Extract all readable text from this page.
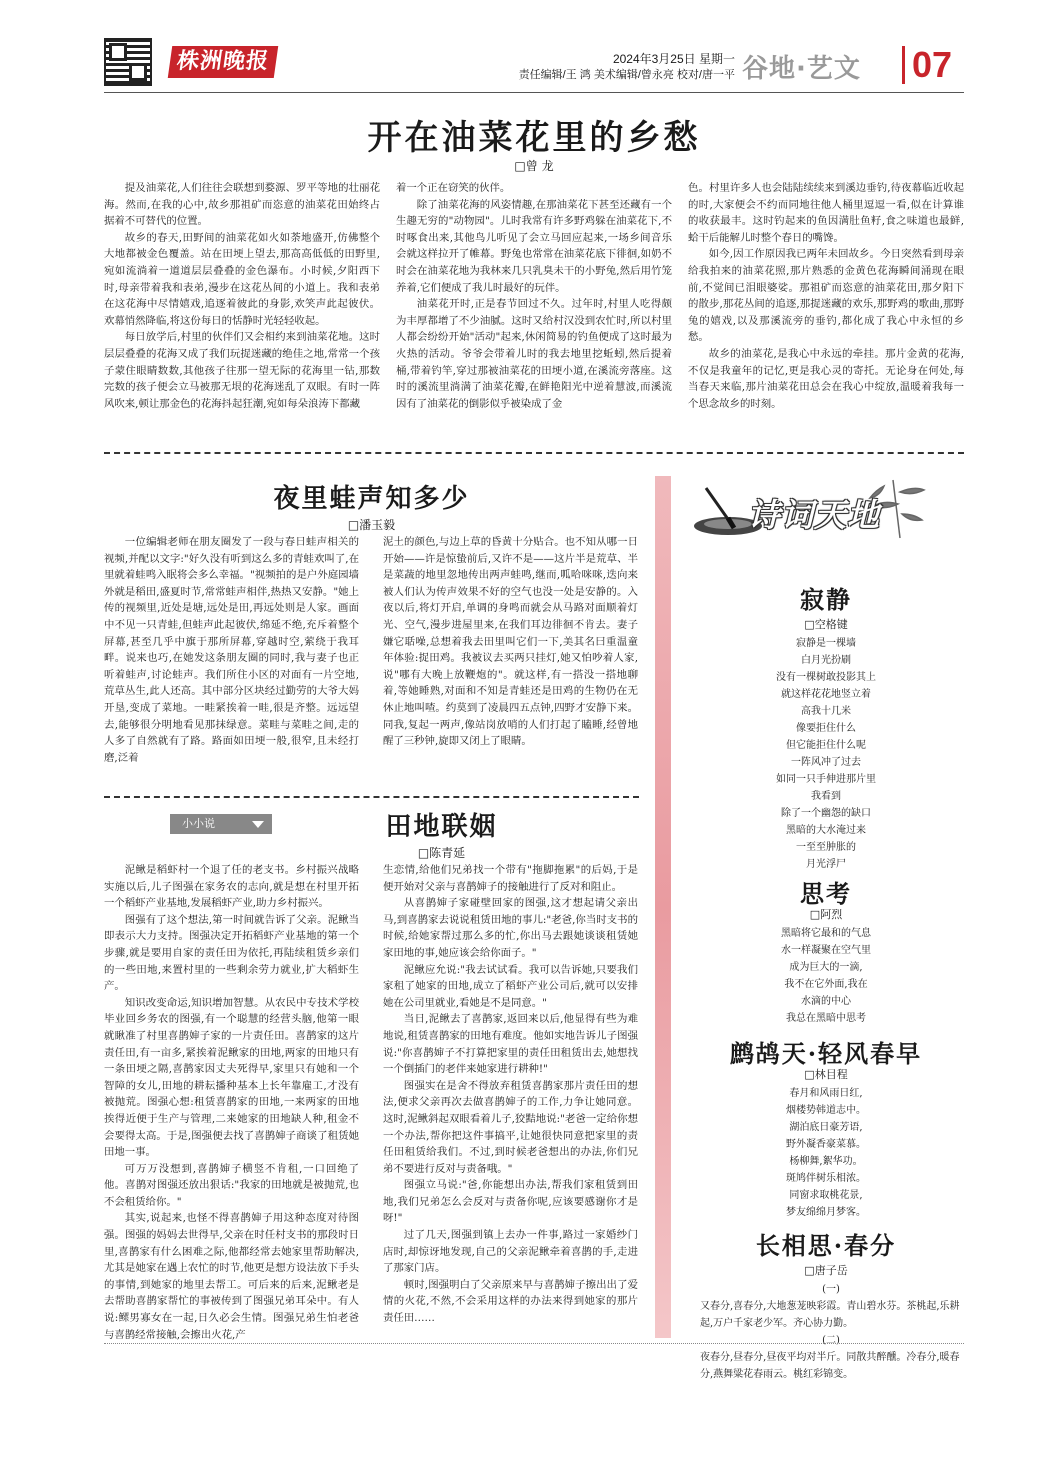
株洲晚报	2024年3月25日 星期一
责任编辑/王 鸿 美术编辑/曾永亮 校对/唐一平 谷地·艺文 07
开在油菜花里的乡愁
□曾 龙

提及油菜花,人们往往会联想到婺源、罗平等地的壮丽花海。然而,在我的心中,故乡那祖矿而恣意的油菜花田始终占据着不可替代的位置。

故乡的春天,田野间的油菜花如火如荼地盛开,仿佛整个大地都被金色覆盖。站在田埂上望去,那高高低低的田野里,宛如流淌着一道道层层叠叠的金色瀑布。小时候,夕阳西下时,母亲带着我和表弟,漫步在这花丛间的小道上。我和表弟在这花海中尽情嬉戏,追逐着彼此的身影,欢笑声此起彼伏。欢幕悄然降临,将这份每日的恬静时光轻轻收起。

每日放学后,村里的伙伴们又会相约来到油菜花地。这时层层叠叠的花海又成了我们玩捉迷藏的绝佳之地,常常一个孩子蒙住眼睛数数,其他孩子往那一望无际的花海里一钻,那数完数的孩子便会立马被那无垠的花海迷乱了双眼。有时一阵风吹来,顿让那金色的花海抖起狂潮,宛如每朵浪涛下都藏

着一个正在窃笑的伙伴。

除了油菜花海的风姿情趣,在那油菜花下甚至还藏有一个生趣无穷的"动物园"。儿时我常有许多野鸡躲在油菜花下,不时啄食出来,其他鸟儿听见了会立马回应起来,一场乡间音乐会就这样拉开了帷幕。野兔也常常在油菜花底下徘徊,如奶不时会在油菜花地为我林来几只乳臭未干的小野兔,然后用竹笼养着,它们便成了我儿时最好的玩伴。

油菜花开时,正是春节回过不久。过年时,村里人吃得颇为丰厚都增了不少油腻。这时又给村汉没到农忙时,所以村里人都会纷纷开始"活动"起来,休闲简易的钓鱼便成了这时最为火热的活动。爷爷会带着儿时的我去地里挖蚯蚓,然后提着桶,带着钓竿,穿过那被油菜花的田埂小道,在溪流旁落座。这时的溪流里淌满了油菜花瓣,在鲜艳阳光中逆着慧波,而溪流因有了油菜花的倒影似乎被染成了金

色。村里许多人也会陆陆续续来到溪边垂钓,待夜幕临近收起的时,大家便会不约而同地往他人桶里逗逗一看,似在计算谁的收获最丰。这时钓起来的鱼因满肚鱼籽,食之味道也最鲜,蛤干后能解儿时整个春日的嘴馋。

如今,因工作原因我已两年未回故乡。今日突然看到母亲给我拍来的油菜花照,那片熟悉的金黄色花海瞬间涌现在眼前,不觉间已泪眼婆娑。那祖矿而恣意的油菜花田,那夕阳下的散步,那花丛间的追逐,那捉迷藏的欢乐,那野鸡的歌曲,那野兔的嬉戏,以及那溪流旁的垂钓,都化成了我心中永恒的乡愁。

故乡的油菜花,是我心中永远的牵挂。那片金黄的花海,不仅是我童年的记忆,更是我心灵的寄托。无论身在何处,每当春天来临,那片油菜花田总会在我心中绽放,温暖着我每一个思念故乡的时刻。

夜里蛙声知多少
□潘玉毅

一位编辑老师在朋友圈发了一段与春日蛙声相关的视频,并配以文字:"好久没有听到这么多的青蛙欢叫了,在里就着蛙鸣入眠将会多么幸福。"视频拍的是户外庭园墙外就是稻田,盛夏时节,常常蛙声相伴,热热又安静。"她上传的视频里,近处是塘,远处是田,再远处则是人家。画面中不见一只青蛙,但蛙声此起彼伏,绵延不绝,充斥着整个屏幕,甚至几乎中旗于那所屏幕,穿越时空,萦绕于我耳畔。说来也巧,在她发这条朋友圈的同时,我与妻子也正听着蛙声,讨论蛙声。我们所住小区的对面有一片空地,荒草丛生,此人还高。其中部分区块经过勤劳的大爷大妈开垦,变成了菜地。一畦紧挨着一畦,很是齐整。远远望去,能够很分明地看见那抹绿意。菜畦与菜畦之间,走的人多了自然就有了路。路面如田埂一般,很窄,且未经打磨,泛着

泥土的颜色,与边上草的昏黄十分贴合。也不知从哪一日开始——许是惊蛰前后,又许不是——这片半是荒草、半是菜蔬的地里忽地传出两声蛙鸣,继而,呱哈咪咪,迭向来被人们认为传声效果不好的空气也没一处是安静的。入夜以后,将灯开启,单调的身鸣而就会从马路对面顺着灯光、空气,漫步进屋里来,在我们耳边徘徊不肯去。妻子嫌它聒噪,总想着我去田里叫它们一下,美其名曰重温童年体验:捉田鸡。我被议去买两只挂灯,她又怕吵着人家,说"哪有大晚上放鞭炮的"。就这样,有一搭没一搭地聊着,等她睡熟,对面和不知是青蛙还是田鸡的生物仍在无休止地叫喳。约莫到了凌晨四五点钟,四野才安静下来。同我,复起一两声,像站岗放哨的人们打起了瞌睡,经曾地醒了三秒钟,旋即又闭上了眼睛。

小小说	田地联姻
□陈青延

泥鳅是稻虾村一个退了任的老支书。乡村振兴战略实施以后,儿子图强在家务农的志向,就是想在村里开拓一个稻虾产业基地,发展稻虾产业,助力乡村振兴。

图强有了这个想法,第一时间就告诉了父亲。泥鳅当即表示大力支持。图强决定开拓稻虾产业基地的第一个步骤,就是要用自家的责任田为依托,再陆续租赁乡亲们的一些田地,来置村里的一些剩余劳力就业,扩大稻虾生产。

知识改变命运,知识增加智慧。从农民中专技术学校毕业回乡务农的图强,有一个聪慧的经营头脑,他第一眼就瞅准了村里喜鹊婶子家的一片责任田。喜鹊家的这片责任田,有一亩多,紧挨着泥鳅家的田地,两家的田地只有一条田埂之隔,喜鹊家因丈夫死得早,家里只有她和一个智障的女儿,田地的耕耘播种基本上长年靠雇工,才没有被抛荒。图强心想:租赁喜鹊家的田地,一来两家的田地挨得近便于生产与管理,二来她家的田地缺人种,租金不会要得太高。于是,图强便去找了喜鹊婶子商谈了租赁她田地一事。

可万万没想到,喜鹊婶子横竖不肯租,一口回绝了他。喜鹊对图强还放出狠话:"我家的田地就是被抛荒,也不会租赁给你。"

其实,说起来,也怪不得喜鹊婶子用这种态度对待图强。图强的妈妈去世得早,父亲在时任村支书的那段时日里,喜鹊家有什么困难之际,他都经常去她家里帮助解决,尤其是她家在遇上农忙的时节,他更是想方设法放下手头的事情,到她家的地里去帮工。可后来的后来,泥鳅老是去帮助喜鹊家帮忙的事被传到了图强兄弟耳朵中。有人说:鳏男寡女在一起,日久必会生情。图强兄弟生怕老爸与喜鹊经常接触,会擦出火花,产

生恋情,给他们兄弟找一个带有"拖脚拖累"的后妈,于是便开始对父亲与喜鹊婶子的接触进行了反对和阻止。

从喜鹊婶子家碰壁回家的图强,这才想起请父亲出马,到喜鹊家去说说租赁田地的事儿:"老爸,你当时支书的时候,给她家帮过那么多的忙,你出马去跟她谈谈租赁她家田地的事,她应该会给你面子。"

泥鳅应允说:"我去试试看。我可以告诉她,只要我们家租了她家的田地,成立了稻虾产业公司后,就可以安排她在公司里就业,看她是不是同意。"

当日,泥鳅去了喜鹊家,返回来以后,他显得有些为难地说,租赁喜鹊家的田地有难度。他如实地告诉儿子图强说:"你喜鹊婶子不打算把家里的责任田租赁出去,她想找一个倒插门的老伴来她家进行耕种!"

图强实在是舍不得放弃租赁喜鹊家那片责任田的想法,便求父亲再次去做喜鹊婶子的工作,力争让她同意。这时,泥鳅斜起双眼看着儿子,狡黠地说:"老爸一定给你想一个办法,帮你把这件事搞平,让她很快同意把家里的责任田租赁给我们。不过,到时候老爸想出的办法,你们兄弟不要进行反对与责备哦。"

图强立马说:"爸,你能想出办法,帮我们家租赁到田地,我们兄弟怎么会反对与责备你呢,应该要感谢你才是呀!"

过了几天,图强到镇上去办一件事,路过一家婚纱门店时,却惊讶地发现,自己的父亲泥鳅牵着喜鹊的手,走进了那家门店。

顿时,图强明白了父亲原来早与喜鹊婶子擦出出了爱情的火花,不然,不会采用这样的办法来得到她家的那片责任田……

诗词天地
寂静
□空格键
寂静是一棵墙
白月光扮刷
没有一棵树敢投影其上
就这样花花地竖立着
高我十几米
像要拒住什么
但它能拒住什么呢
一阵风冲了过去
如同一只手伸进那片里
我看到
除了一个幽怨的缺口
黑暗的大水淹过来
一至至肿胀的
月光浮尸
思考
□阿烈
黑暗将它最和的气息
水一样凝聚在空气里
成为巨大的一滴,
我不在它外面,我在
水滴的中心
我总在黑暗中思考
鹧鸪天·轻风春早
□林目程
春月和风雨日红,
烟楼势韩道志中。
湖泊底日豪芳语,
野外凝香豪菜慕。
杨柳舞,絮华功。
斑鸠伴树乐相浓。
同窗求取桃花景,
梦友绵绵月梦客。
长相思·春分
□唐子岳
(一)
又春分,喜春分,大地葱茏映彩霞。青山碧水芬。茶桃起,乐耕起,万户千家老少军。齐心协力勤。
(二)
夜春分,昼春分,昼夜平均对半斤。同散共醉醺。冷春分,暖春分,燕舞粱花春雨云。桃红彩锦变。
